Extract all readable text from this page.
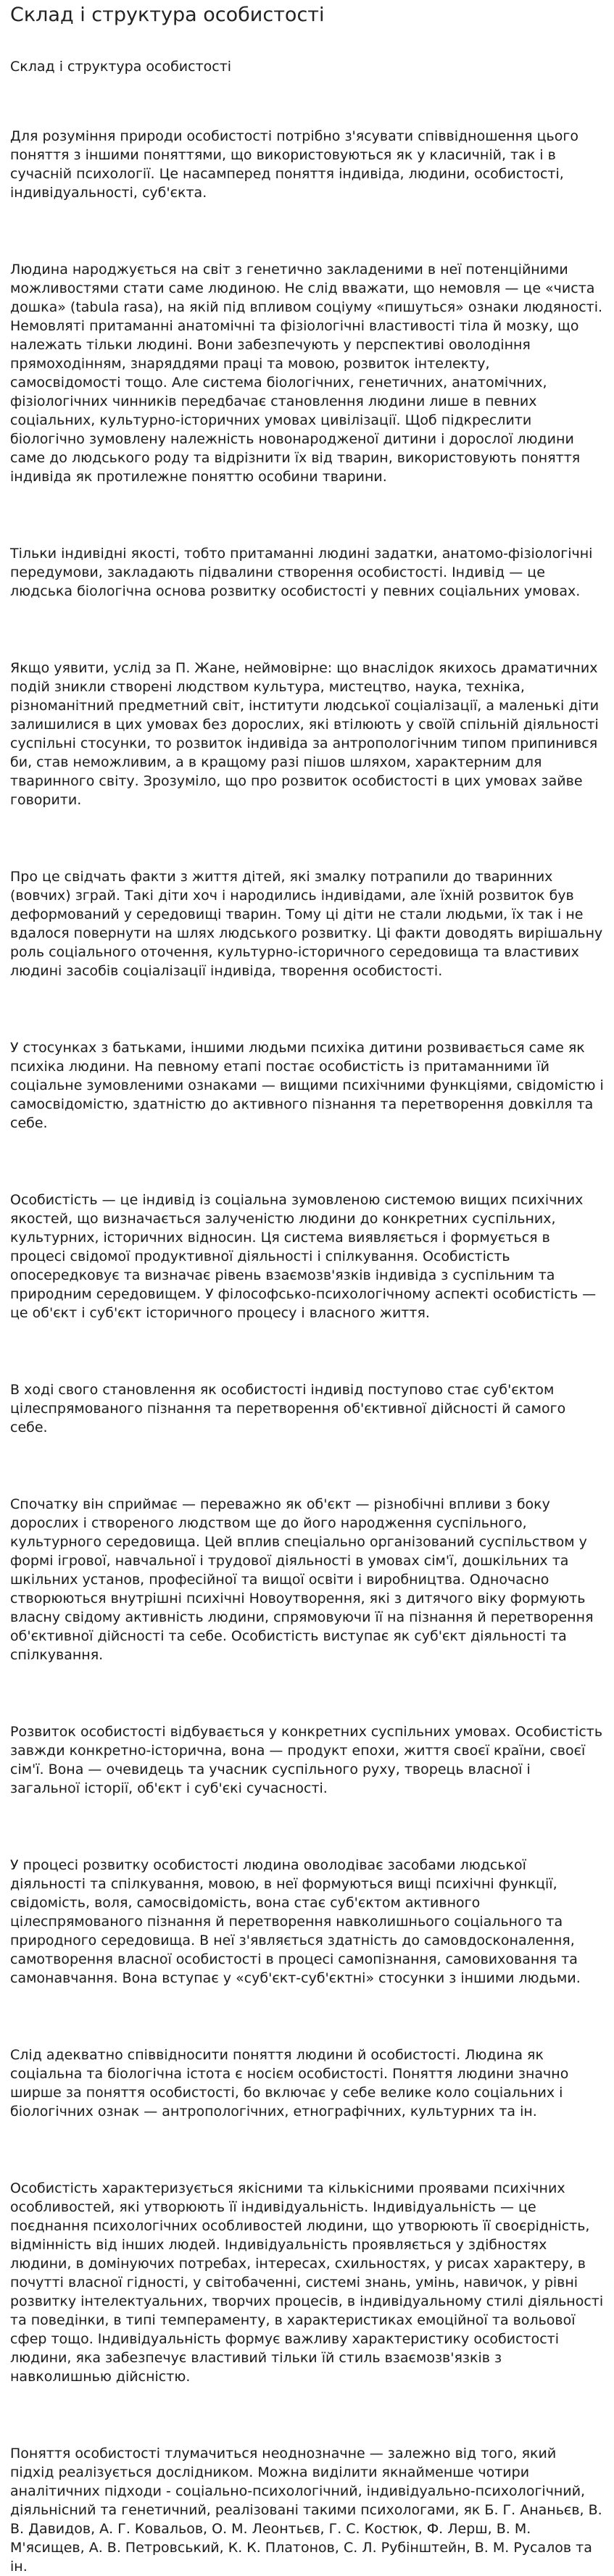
Склад і структура особистості
Склад і структура особистості

Для розуміння природи особистості потрібно з'ясувати співвідношення цього поняття з іншими поняттями, що використовуються як у класичній, так і в сучасній психології. Це насамперед поняття індивіда, людини, особистості, індивідуальності, суб'єкта.

Людина народжується на світ з генетично закладеними в неї потенційними можливостями стати саме людиною. Не слід вважати, що немовля — це «чиста дошка» (tabula rasa), на якій під впливом соціуму «пишуться» ознаки людяності. Немовляті притаманні анатомічні та фізіологічні властивості тіла й мозку, що належать тільки людині. Вони забезпечують у перспективі оволодіння прямоходінням, знаряддями праці та мовою, розвиток інтелекту, самосвідомості тощо. Але система біологічних, генетичних, анатомічних, фізіологічних чинників передбачає становлення людини лише в певних соціальних, культурно-історичних умовах цивілізації. Щоб підкреслити біологічно зумовлену належність новонародженої дитини і дорослої людини саме до людського роду та відрізнити їх від тварин, використовують поняття індивіда як протилежне поняттю особини тварини.

Тільки індивідні якості, тобто притаманні людині задатки, анатомо-фізіологічні передумови, закладають підвалини створення особистості. Індивід — це людська біологічна основа розвитку особистості у певних соціальних умовах.

Якщо уявити, услід за П. Жане, неймовірне: що внаслідок якихось драматичних подій зникли створені людством культура, мистецтво, наука, техніка, різноманітний предметний світ, інститути людської соціалізації, а маленькі діти залишилися в цих умовах без дорослих, які втілюють у своїй спільній діяльності суспільні стосунки, то розвиток індивіда за антропологічним типом припинився би, став неможливим, а в кращому разі пішов шляхом, характерним для тваринного світу. Зрозуміло, що про розвиток особистості в цих умовах зайве говорити.

Про це свідчать факти з життя дітей, які змалку потрапили до тваринних (вовчих) зграй. Такі діти хоч і народились індивідами, але їхній розвиток був деформований у середовищі тварин. Тому ці діти не стали людьми, їх так і не вдалося повернути на шлях людського розвитку. Ці факти доводять вирішальну роль соціального оточення, культурно-історичного середовища та властивих людині засобів соціалізації індивіда, творення особистості.

У стосунках з батьками, іншими людьми психіка дитини розвивається саме як психіка людини. На певному етапі постає особистість із притаманними їй соціальне зумовленими ознаками — вищими психічними функціями, свідомістю і самосвідомістю, здатністю до активного пізнання та перетворення довкілля та себе.

Особистість — це індивід із соціальна зумовленою системою вищих психічних якостей, що визначається залученістю людини до конкретних суспільних, культурних, історичних відносин. Ця система виявляється і формується в процесі свідомої продуктивної діяльності і спілкування. Особистість опосередковує та визначає рівень взаємозв'язків індивіда з суспільним та природним середовищем. У філософсько-психологічному аспекті особистість — це об'єкт і суб'єкт історичного процесу і власного життя.

В ході свого становлення як особистості індивід поступово стає суб'єктом цілеспрямованого пізнання та перетворення об'єктивної дійсності й самого себе.

Спочатку він сприймає — переважно як об'єкт — різнобічні впливи з боку дорослих і створеного людством ще до його народження суспільного, культурного середовища. Цей вплив спеціально організований суспільством у формі ігрової, навчальної і трудової діяльності в умовах сім'ї, дошкільних та шкільних установ, професійної та вищої освіти і виробництва. Одночасно створюються внутрішні психічні Новоутворення, які з дитячого віку формують власну свідому активність людини, спрямовуючи її на пізнання й перетворення об'єктивної дійсності та себе. Особистість виступає як суб'єкт діяльності та спілкування.

Розвиток особистості відбувається у конкретних суспільних умовах. Особистість завжди конкретно-історична, вона — продукт епохи, життя своєї країни, своєї сім'ї. Вона — очевидець та учасник суспільного руху, творець власної і загальної історії, об'єкт і суб'єкі сучасності.

У процесі розвитку особистості людина оволодіває засобами людської діяльності та спілкування, мовою, в неї формуються вищі психічні функції, свідомість, воля, самосвідомість, вона стає суб'єктом активного цілеспрямованого пізнання й перетворення навколишнього соціального та природного середовища. В неї з'являється здатність до самовдосконалення, самотворення власної особистості в процесі самопізнання, самовиховання та самонавчання. Вона вступає у «суб'єкт-суб'єктні» стосунки з іншими людьми.

Слід адекватно співвідносити поняття людини й особистості. Людина як соціальна та біологічна істота є носієм особистості. Поняття людини значно ширше за поняття особистості, бо включає у себе велике коло соціальних і біологічних ознак — антропологічних, етнографічних, культурних та ін.

Особистість характеризується якісними та кількісними проявами психічних особливостей, які утворюють її індивідуальність. Індивідуальність — це поєднання психологічних особливостей людини, що утворюють її своєрідність, відмінність від інших людей. Індивідуальність проявляється у здібностях людини, в домінуючих потребах, інтересах, схильностях, у рисах характеру, в почутті власної гідності, у світобаченні, системі знань, умінь, навичок, у рівні розвитку інтелектуальних, творчих процесів, в індивідуальному стилі діяльності та поведінки, в типі темпераменту, в характеристиках емоційної та вольової сфер тощо. Індивідуальність формує важливу характеристику особистості людини, яка забезпечує властивий тільки їй стиль взаємозв'язків з навколишнью дійсністю.

Поняття особистості тлумачиться неоднозначне — залежно від того, який підхід реалізується дослідником. Можна виділити якнайменше чотири аналітичних підходи - соціально-психологічний, індивідуально-психологічний, діяльнісний та генетичний, реалізовані такими психологами, як Б. Г. Ананьєв, В. В. Давидов, А. Г. Ковальов, О. М. Леонтьєв, Г. С. Костюк, Ф. Лерш, В. М. М'ясищев, А. В. Петровський, К. К. Платонов, С. Л. Рубінштейн, В. М. Русалов та ін.
